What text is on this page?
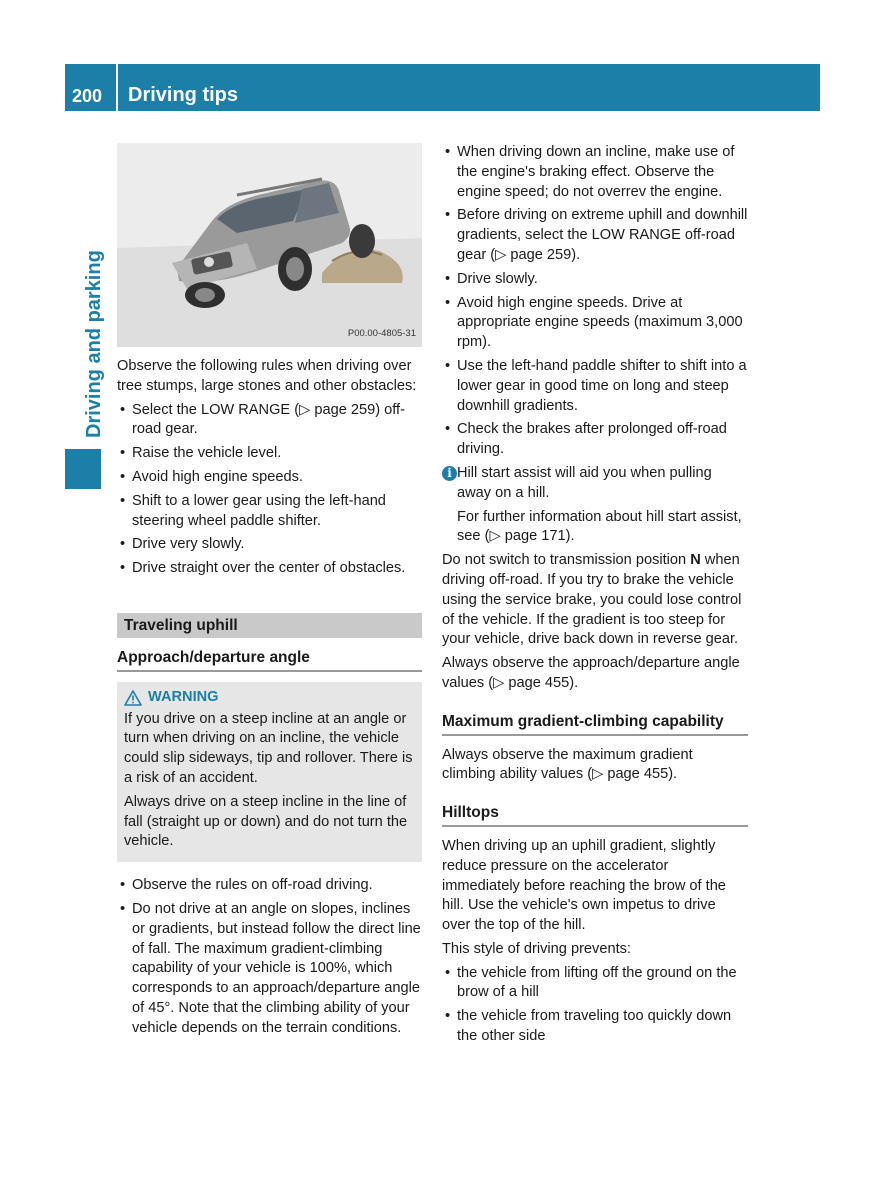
200 Driving tips
Driving and parking	P00.00-4805-31

Observe the following rules when driving over tree stumps, large stones and other obstacles:

• Select the LOW RANGE (▷ page 259) off-road gear.
• Raise the vehicle level.
• Avoid high engine speeds.
• Shift to a lower gear using the left-hand steering wheel paddle shifter.
• Drive very slowly.
• Drive straight over the center of obstacles.
Traveling uphill
Approach/departure angle
WARNING

If you drive on a steep incline at an angle or turn when driving on an incline, the vehicle could slip sideways, tip and rollover. There is a risk of an accident.

Always drive on a steep incline in the line of fall (straight up or down) and do not turn the vehicle.

• Observe the rules on off-road driving.
• Do not drive at an angle on slopes, inclines or gradients, but instead follow the direct line of fall. The maximum gradient-climbing capability of your vehicle is 100%, which corresponds to an approach/departure angle of 45°. Note that the climbing ability of your vehicle depends on the terrain conditions.
• When driving down an incline, make use of the engine's braking effect. Observe the engine speed; do not overrev the engine.
• Before driving on extreme uphill and downhill gradients, select the LOW RANGE off-road gear (▷ page 259).
• Drive slowly.
• Avoid high engine speeds. Drive at appropriate engine speeds (maximum 3,000 rpm).
• Use the left-hand paddle shifter to shift into a lower gear in good time on long and steep downhill gradients.
• Check the brakes after prolonged off-road driving.
i Hill start assist will aid you when pulling away on a hill.

For further information about hill start assist, see (▷ page 171).

Do not switch to transmission position N when driving off-road. If you try to brake the vehicle using the service brake, you could lose control of the vehicle. If the gradient is too steep for your vehicle, drive back down in reverse gear.

Always observe the approach/departure angle values (▷ page 455).

Maximum gradient-climbing capability

Always observe the maximum gradient climbing ability values (▷ page 455).

Hilltops

When driving up an uphill gradient, slightly reduce pressure on the accelerator immediately before reaching the brow of the hill. Use the vehicle's own impetus to drive over the top of the hill.

This style of driving prevents:

• the vehicle from lifting off the ground on the brow of a hill
• the vehicle from traveling too quickly down the other side
